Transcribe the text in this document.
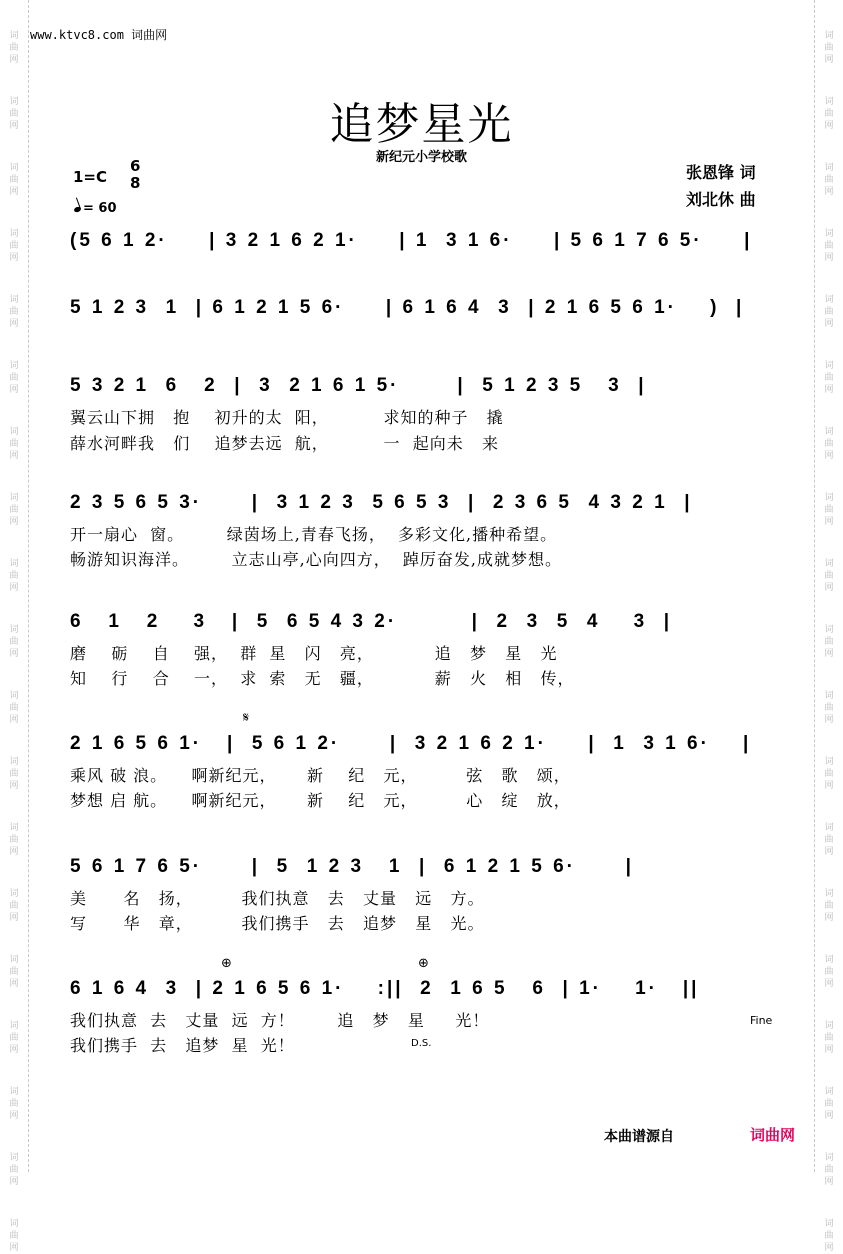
词
曲
网
词
曲
网
词
曲
网
词
曲
网
词
曲
网
词
曲
网
词
曲
网
词
曲
网
词
曲
网
词
曲
网
词
曲
网
词
曲
网
词
曲
网
词
曲
网
词
曲
网
词
曲
网
词
曲
网
词
曲
网
词
曲
网
词
曲
网
词
曲
网
词
曲
网
词
曲
网
词
曲
网
词
曲
网
词
曲
网
词
曲
网
词
曲
网
词
曲
网
词
曲
网
词
曲
网
词
曲
网
词
曲
网
词
曲
网
词
曲
网
词
曲
网
词
曲
网
词
曲
网
www.ktvc8.com 词曲网
追梦星光
新纪元小学校歌
1=C
6
8
= 60
张恩锋 词
刘北休 曲
(5 6 1 2·     | 3 2 1 6 2 1·     | 1  3 1 6·     | 5 6 1 7 6 5·     |
5 1 2 3  1  | 6 1 2 1 5 6·     | 6 1 6 4  3  | 2 1 6 5 6 1·    )  |
5 3 2 1  6   2  |  3  2 1 6 1 5·       |  5 1 2 3 5   3  |
翼云山下拥   抱    初升的太  阳，         求知的种子   撬
薛水河畔我   们    追梦去远  航，         一  起向未   来
2 3 5 6 5 3·      |  3 1 2 3  5 6 5 3  |  2 3 6 5  4 3 2 1  |
开一扇心  窗。       绿茵场上,青春飞扬，  多彩文化,播种希望。
畅游知识海洋。       立志山亭,心向四方，  踔厉奋发,成就梦想。
6   1   2    3   |  5  6 5 4 3 2·         |  2  3  5  4    3  |
磨    砺    自    强，  群  星   闪   亮，          追   梦   星   光
知    行    合    一，  求  索   无   疆，          薪   火   相   传，
𝄋
2 1 6 5 6 1·   |  5 6 1 2·      |  3 2 1 6 2 1·     |  1  3 1 6·    |
乘风 破 浪。    啊新纪元，     新    纪   元，        弦   歌   颂，
梦想 启 航。    啊新纪元，     新    纪   元，        心   绽   放，
5 6 1 7 6 5·      |  5  1 2 3   1  |  6 1 2 1 5 6·      |
美      名   扬，        我们执意   去   丈量   远   方。
写      华   章，        我们携手   去   追梦   星   光。
⊕	⊕
6 1 6 4  3  | 2 1 6 5 6 1·    :||  2  1 6 5   6  | 1·    1·   ||
我们执意  去   丈量  远  方！       追   梦   星     光！
我们携手  去   追梦  星  光！
Fine
D.S.
本曲谱源自	词曲网
